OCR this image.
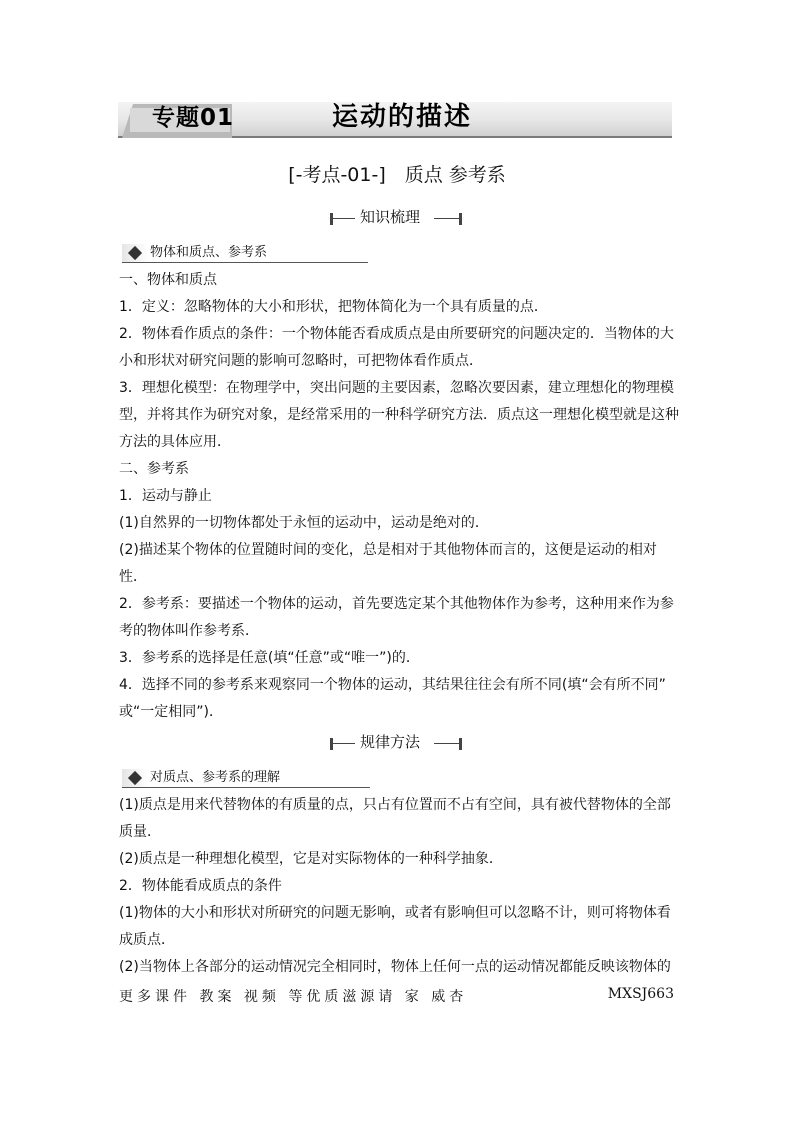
专题01	运动的描述
[-考点-01-]　质点 参考系
知识梳理
物体和质点、参考系
一、物体和质点
1．定义：忽略物体的大小和形状，把物体简化为一个具有质量的点．
2．物体看作质点的条件：一个物体能否看成质点是由所要研究的问题决定的．当物体的大
小和形状对研究问题的影响可忽略时，可把物体看作质点．
3．理想化模型：在物理学中，突出问题的主要因素，忽略次要因素，建立理想化的物理模
型，并将其作为研究对象，是经常采用的一种科学研究方法．质点这一理想化模型就是这种
方法的具体应用．
二、参考系
1．运动与静止
(1)自然界的一切物体都处于永恒的运动中，运动是绝对的．
(2)描述某个物体的位置随时间的变化，总是相对于其他物体而言的，这便是运动的相对
性．
2．参考系：要描述一个物体的运动，首先要选定某个其他物体作为参考，这种用来作为参
考的物体叫作参考系．
3．参考系的选择是任意(填“任意”或“唯一”)的．
4．选择不同的参考系来观察同一个物体的运动，其结果往往会有所不同(填“会有所不同”
或“一定相同”)．
规律方法
对质点、参考系的理解
(1)质点是用来代替物体的有质量的点，只占有位置而不占有空间，具有被代替物体的全部
质量．
(2)质点是一种理想化模型，它是对实际物体的一种科学抽象．
2．物体能看成质点的条件
(1)物体的大小和形状对所研究的问题无影响，或者有影响但可以忽略不计，则可将物体看
成质点．
(2)当物体上各部分的运动情况完全相同时，物体上任何一点的运动情况都能反映该物体的
更多课件 教案 视频 等优质滋源请 家 威杏	MXSJ663
